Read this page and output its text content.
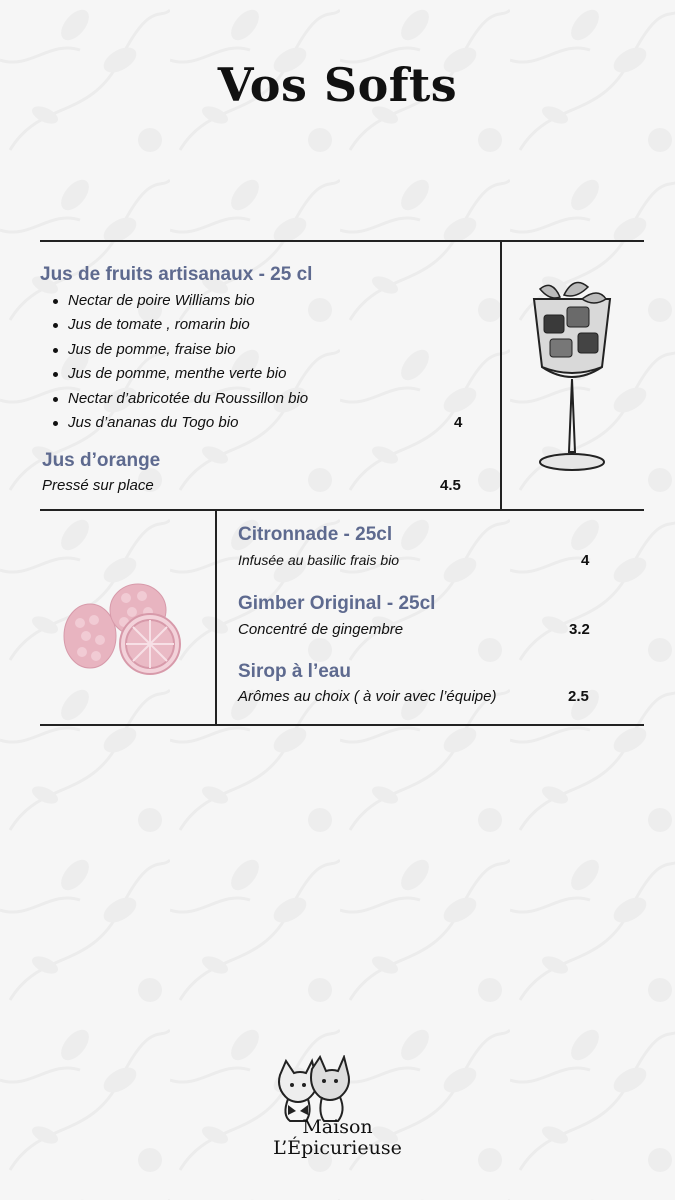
Vos Softs
Jus de fruits artisanaux - 25 cl
Nectar de poire Williams bio
Jus de tomate , romarin bio
Jus de pomme, fraise bio
Jus de pomme, menthe verte bio
Nectar d’abricotée du Roussillon bio
Jus d’ananas du Togo bio	4

Jus d’orange

Pressé sur place	4.5

Citronnade - 25cl

Infusée au basilic frais bio	4

Gimber Original - 25cl

Concentré de gingembre	3.2

Sirop à l’eau

Arômes au choix ( à voir avec l’équipe)	2.5

Maison
L’Épicurieuse
